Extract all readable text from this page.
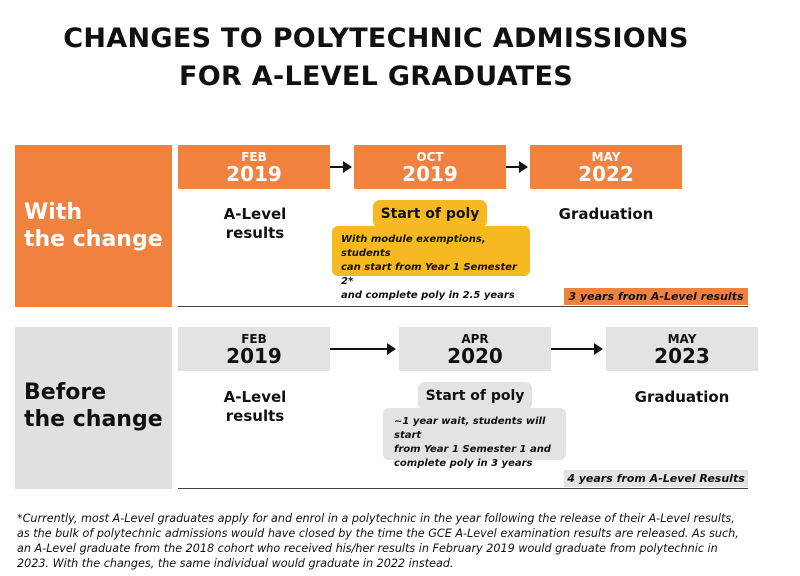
CHANGES TO POLYTECHNIC ADMISSIONS
FOR A-LEVEL GRADUATES
With
the change
FEB
2019
OCT
2019
MAY
2022
A-Level
results
Start of poly
With module exemptions, students
can start from Year 1 Semester 2*
and complete poly in 2.5 years
Graduation
3 years from A-Level results
Before
the change
FEB
2019
APR
2020
MAY
2023
A-Level
results
Start of poly
~1 year wait, students will start
from Year 1 Semester 1 and
complete poly in 3 years
Graduation
4 years from A-Level Results
*Currently, most A-Level graduates apply for and enrol in a polytechnic in the year following the release of their A-Level results,
as the bulk of polytechnic admissions would have closed by the time the GCE A-Level examination results are released. As such,
an A-Level graduate from the 2018 cohort who received his/her results in February 2019 would graduate from polytechnic in
2023. With the changes, the same individual would graduate in 2022 instead.
